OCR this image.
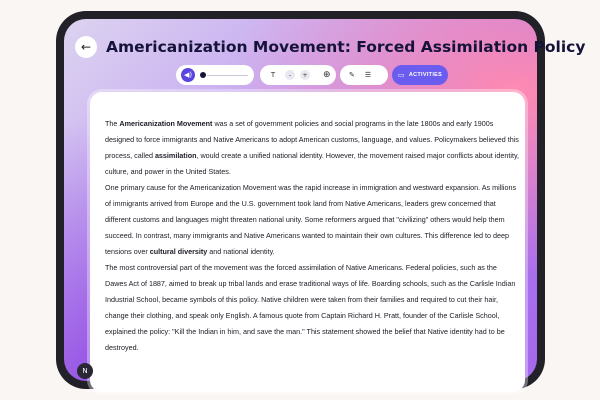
← Americanization Movement: Forced Assimilation Policy
◀)	T	-	+ ⊕	✎ ☰	▭ ACTIVITIES

The Americanization Movement was a set of government policies and social programs in the late 1800s and early 1900s designed to force immigrants and Native Americans to adopt American customs, language, and values. Policymakers believed this process, called assimilation, would create a unified national identity. However, the movement raised major conflicts about identity, culture, and power in the United States.

One primary cause for the Americanization Movement was the rapid increase in immigration and westward expansion. As millions of immigrants arrived from Europe and the U.S. government took land from Native Americans, leaders grew concerned that different customs and languages might threaten national unity. Some reformers argued that "civilizing" others would help them succeed. In contrast, many immigrants and Native Americans wanted to maintain their own cultures. This difference led to deep tensions over cultural diversity and national identity.

The most controversial part of the movement was the forced assimilation of Native Americans. Federal policies, such as the Dawes Act of 1887, aimed to break up tribal lands and erase traditional ways of life. Boarding schools, such as the Carlisle Indian Industrial School, became symbols of this policy. Native children were taken from their families and required to cut their hair, change their clothing, and speak only English. A famous quote from Captain Richard H. Pratt, founder of the Carlisle School, explained the policy: "Kill the Indian in him, and save the man." This statement showed the belief that Native identity had to be destroyed.

N
